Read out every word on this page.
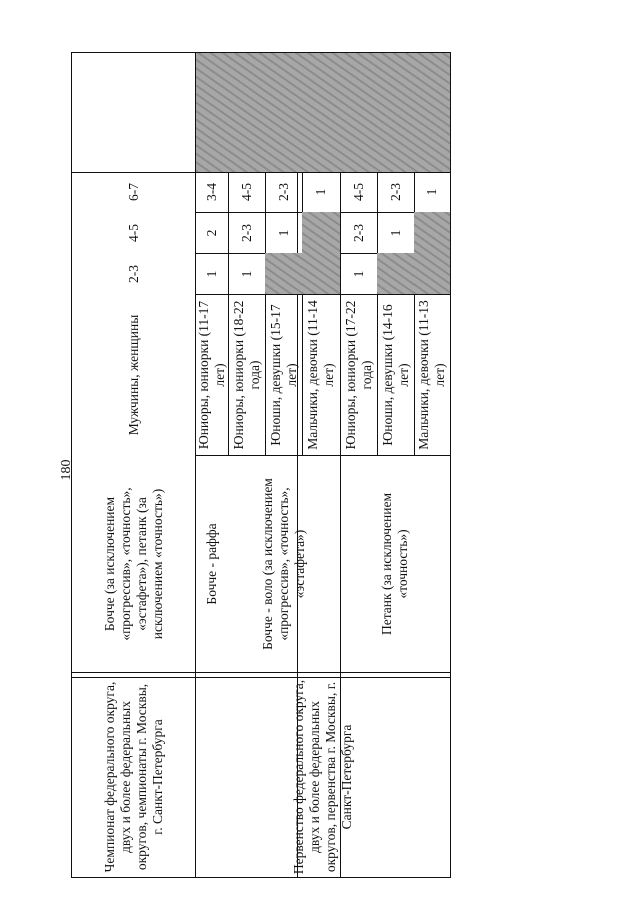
180
Чемпионат федерального округа, двух и более федеральных округов, чемпионаты г. Москвы, г. Санкт-Петербурга
Бочче (за исключением «прогрессив», «точность», «эстафета»), петанк (за исключением «точность»)
Мужчины, женщины
2-3
4-5
6-7
Первенство федерального округа, двух и более федеральных округов, первенства г. Москвы, г. Санкт-Петербурга
Бочче - раффа	Бочче - воло (за исключением «прогрессив», «точность», «эстафета»)	Петанк (за исключением «точность»)
Юниоры, юниорки (11-17 лет)
1
2
3-4
Юниоры, юниорки (18-22 года)
1
2-3
4-5
Юноши, девушки (15-17 лет)
1
2-3
Мальчики, девочки (11-14 лет)
1
Юниоры, юниорки (17-22 года)
1
2-3
4-5
Юноши, девушки (14-16 лет)
1
2-3
Мальчики, девочки (11-13 лет)
1
